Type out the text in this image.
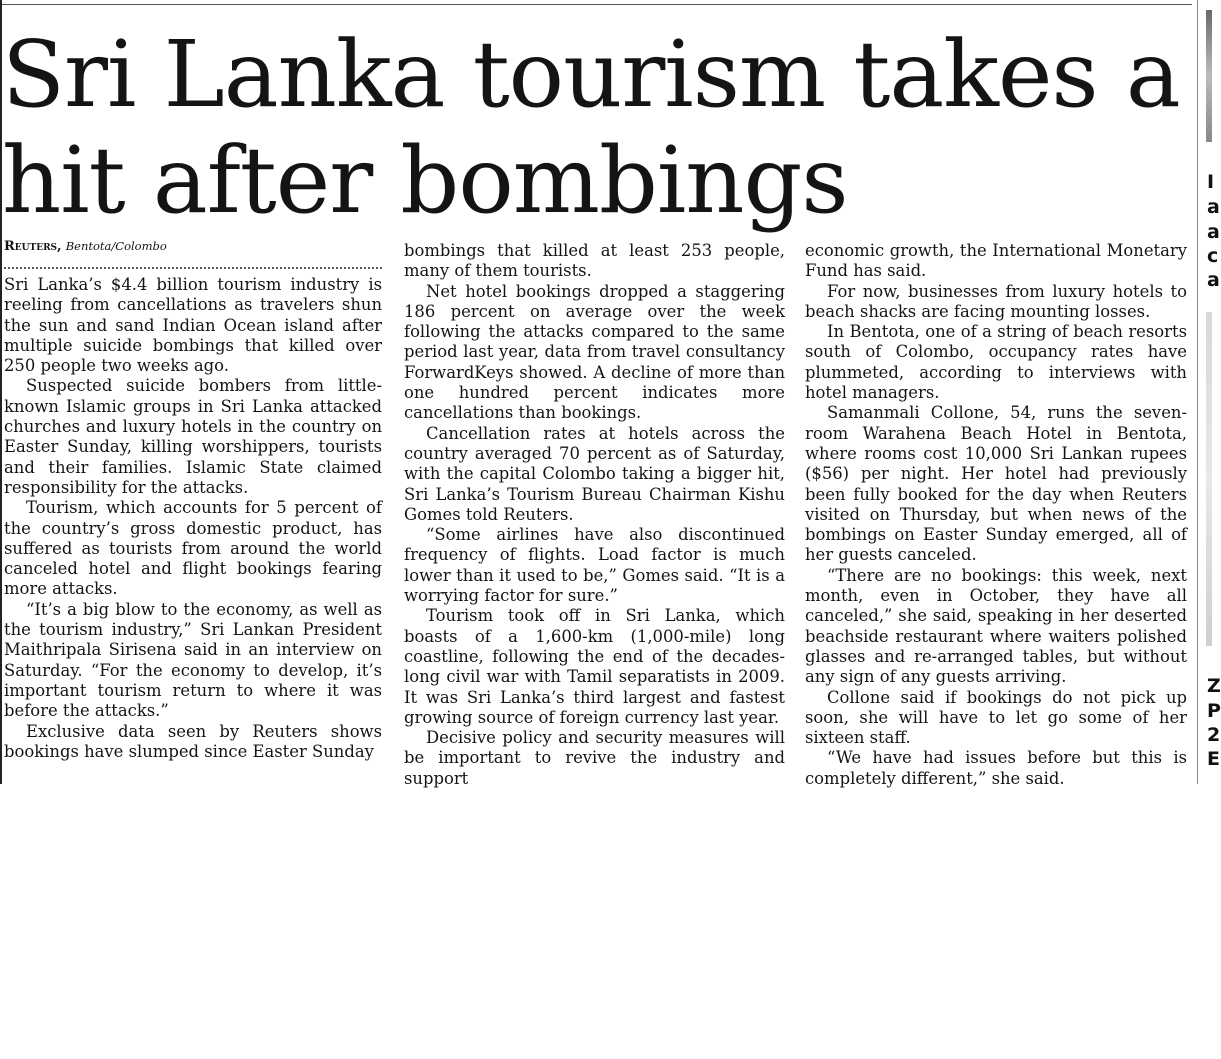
I
a
a
c
a
Z
P
2
E
Sri Lanka tourism takes a hit after bombings
Reuters, Bentota/Colombo

Sri Lanka’s $4.4 billion tourism industry is reeling from cancellations as travelers shun the sun and sand Indian Ocean island after multiple suicide bombings that killed over 250 people two weeks ago.

Suspected suicide bombers from little-known Islamic groups in Sri Lanka attacked churches and luxury hotels in the country on Easter Sunday, killing worshippers, tourists and their families. Islamic State claimed responsibility for the attacks.

Tourism, which accounts for 5 percent of the country’s gross domestic product, has suffered as tourists from around the world canceled hotel and flight bookings fearing more attacks.

“It’s a big blow to the economy, as well as the tourism industry,” Sri Lankan President Maithripala Sirisena said in an interview on Saturday. “For the economy to develop, it’s important tourism return to where it was before the attacks.”

Exclusive data seen by Reuters shows bookings have slumped since Easter Sunday

bombings that killed at least 253 people, many of them tourists.

Net hotel bookings dropped a staggering 186 percent on average over the week following the attacks compared to the same period last year, data from travel consultancy ForwardKeys showed. A decline of more than one hundred percent indicates more cancellations than bookings.

Cancellation rates at hotels across the country averaged 70 percent as of Saturday, with the capital Colombo taking a bigger hit, Sri Lanka’s Tourism Bureau Chairman Kishu Gomes told Reuters.

“Some airlines have also discontinued frequency of flights. Load factor is much lower than it used to be,” Gomes said. “It is a worrying factor for sure.”

Tourism took off in Sri Lanka, which boasts of a 1,600-km (1,000-mile) long coastline, following the end of the decades-long civil war with Tamil separatists in 2009. It was Sri Lanka’s third largest and fastest growing source of foreign currency last year.

Decisive policy and security measures will be important to revive the industry and support

economic growth, the International Monetary Fund has said.

For now, businesses from luxury hotels to beach shacks are facing mounting losses.

In Bentota, one of a string of beach resorts south of Colombo, occupancy rates have plummeted, according to interviews with hotel managers.

Samanmali Collone, 54, runs the seven-room Warahena Beach Hotel in Bentota, where rooms cost 10,000 Sri Lankan rupees ($56) per night. Her hotel had previously been fully booked for the day when Reuters visited on Thursday, but when news of the bombings on Easter Sunday emerged, all of her guests canceled.

“There are no bookings: this week, next month, even in October, they have all canceled,” she said, speaking in her deserted beachside restaurant where waiters polished glasses and re-arranged tables, but without any sign of any guests arriving.

Collone said if bookings do not pick up soon, she will have to let go some of her sixteen staff.

“We have had issues before but this is completely different,” she said.
